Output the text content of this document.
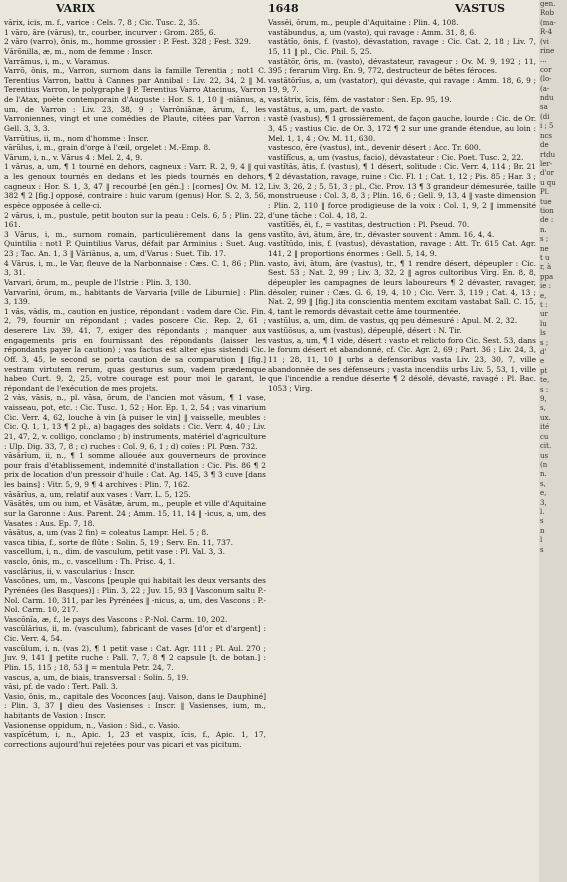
VARIX	1648	VASTUS

vărix, icis, m. f., varice : Cels. 7, 8 ; Cic. Tusc. 2, 35.

1 vāro, āre (vārus), tr., courber, incurver : Grom. 285, 6.

2 vāro (varro), ōnis, m., homme grossier : P. Fest. 328 ; Fest. 329.

Vărōnilla, æ, m., nom de femme : Inscr.

Varrāmus, i, m., v. Varamus.

Varrō, ōnis, m., Varron, surnom dans la famille Terentia ; not1 C. Terentius Varron, battu à Cannes par Annibal : Liv. 22, 34, 2 ‖ M. Terentius Varron, le polygraphe ‖ P. Terentius Varro Atacinus, Varron de l'Atax, poète contemporain d'Auguste : Hor. S. 1, 10 ‖ -niānus, a, um, de Varron : Liv. 23, 38, 9 ; Varrōniānæ, ārum, f., les Varroniennes, vingt et une comédies de Plaute, citées par Varron : Gell. 3, 3, 3.

Varrūtius, ii, m., nom d'homme : Inscr.

vārŭlus, i, m., grain d'orge à l'œil, orgelet : M.-Emp. 8.

Vārum, i, n., v. Vārus 4 : Mel. 2, 4, 9.

1 vārus, a, um, ¶ 1 tourné en dehors, cagneux : Varr. R. 2, 9, 4 ‖ qui a les genoux tournés en dedans et les pieds tournés en dehors, cagneux : Hor. S. 1, 3, 47 ‖ recourbé [en gén.] : [cornes] Ov. M. 12, 382 ¶ 2 [fig.] opposé, contraire : huic varum (genus) Hor. S. 2, 3, 56, espèce opposée à celle-ci.

2 vārus, i, m., pustule, petit bouton sur la peau : Cels. 6, 5 ; Plin. 22, 161.

3 Vārus, i, m., surnom romain, particulièrement dans la gens Quintilia : not1 P. Quintilius Varus, défait par Arminius : Suet. Aug. 23 ; Tac. An. 1, 3 ‖ Vāriānus, a, um, d'Varus : Suet. Tib. 17.

4 Vārus, i, m., le Var, fleuve de la Narbonnaise : Cæs. C. 1, 86 ; Plin. 3, 31.

Varvari, ōrum, m., peuple de l'Istrie : Plin. 3, 130.

Varvarīni, ōrum, m., habitants de Varvaria [ville de Liburnie] : Plin. 3, 139.

1 văs, vădis, m., caution en justice, répondant : vadem dare Cic. Fin. 2, 79, fournir un répondant ; vades poscere Cic. Rep. 2, 61 ; deserere Liv. 39, 41, 7, exiger des répondants ; manquer aux engagements pris en fournissant des répondants (laisser les répondants payer la caution) ; vas factus est alter ejus sistendi Cic. Off. 3, 45, le second se porta caution de sa comparution ‖ [fig.] vestram virtutem rerum, quas gesturus sum, vadem prædemque habeo Curt. 9, 2, 25, votre courage est pour moi le garant, le répondant de l'exécution de mes projets.

2 văs, vāsis, n., pl. vāsa, ōrum, de l'ancien mot vāsum, ¶ 1 vase, vaisseau, pot, etc. : Cic. Tusc. 1, 52 ; Hor. Ep. 1, 2, 54 ; vas vinarium Cic. Verr. 4, 62, louche à vin [à puiser le vin] ‖ vaisselle, meubles : Cic. Q. 1, 1, 13 ¶ 2 pl., a) bagages des soldats : Cic. Verr. 4, 40 ; Liv. 21, 47, 2, v. colligo, conclamo ; b) instruments, matériel d'agriculture : Ulp. Dig. 33, 7, 8 ; c) ruches : Col. 9, 6, 1 ; d) coïes : Pl. Pœn. 732.

vāsārĭum, ii, n., ¶ 1 somme allouée aux gouverneurs de province pour frais d'établissement, indemnité d'installation : Cic. Pis. 86 ¶ 2 prix de location d'un pressoir d'huile : Cat. Ag. 145, 3 ¶ 3 cuve [dans les bains] : Vitr. 5, 9, 9 ¶ 4 archives : Plin. 7, 162.

vāsārĭus, a, um, relatif aux vases : Varr. L. 5, 125.

Vāsātēs, um ou ium, et Vāsātæ, ārum, m., peuple et ville d'Aquitaine sur la Garonne : Aus. Parent. 24 ; Amm. 15, 11, 14 ‖ -icus, a, um, des Vasates : Aus. Ep. 7, 18.

vāsātus, a, um (vas 2 fin) = coleatus Lampr. Hel. 5 ; 8.

vasca tibia, f., sorte de flûte : Solin. 5, 19 ; Serv. En. 11, 737.

vascellum, i, n., dim. de vasculum, petit vase : Pl. Val. 3, 3.

vasclo, ōnis, m., c. vascellum : Th. Prisc. 4, 1.

vasclārius, ii, v. vascularius : Inscr.

Vascōnes, um, m., Vascons [peuple qui habitait les deux versants des Pyrénées (les Basques)] : Plin. 3, 22 ; Juv. 15, 93 ‖ Vasconum saltu P.-Nol. Carm. 10, 311, par les Pyrénées ‖ -nicus, a, um, des Vascons : P.-Nol. Carm. 10, 217.

Vascōnĭa, æ, f., le pays des Vascons : P.-Nol. Carm. 10, 202.

vascŭlārius, ii, m. (vasculum), fabricant de vases [d'or et d'argent] : Cic. Verr. 4, 54.

vascŭlum, i, n. (vas 2), ¶ 1 petit vase : Cat. Agr. 111 ; Pl. Aul. 270 ; Juv. 9, 141 ‖ petite ruche : Pall. 7, 7, 8 ¶ 2 capsule [t. de botan.] : Plin. 15, 115 ; 18, 53 ‖ = mentula Petr. 24, 7.

vascus, a, um, de biais, transversal : Solin. 5, 19.

vāsi, pf. de vado : Tert. Pall. 3.

Vasio, ōnis, m., capitale des Voconces [auj. Vaison, dans le Dauphiné] : Plin. 3, 37 ‖ dieu des Vasienses : Inscr. ‖ Vasienses, ium, m., habitants de Vasion : Inscr.

Vasionense oppidum, n., Vasion : Sid., c. Vasio.

vaspĭcētum, i, n., Apic. 1, 23 et vaspix, ĭcis, f., Apic. 1, 17, corrections aujourd'hui rejetées pour vas picari et vas picitum.

Vassēi, ōrum, m., peuple d'Aquitaine : Plin. 4, 108.

vastābundus, a, um (vasto), qui ravage : Amm. 31, 8, 6.

vastātĭo, ōnis, f. (vasto), dévastation, ravage : Cic. Cat. 2, 18 ; Liv. 7, 15, 11 ‖ pl., Cic. Phil. 5, 25.

vastātŏr, ōris, m. (vasto), dévastateur, ravageur : Ov. M. 9, 192 ; 11, 395 ; ferarum Virg. En. 9, 772, destructeur de bêtes féroces.

vastātōrĭus, a, um (vastator), qui dévaste, qui ravage : Amm. 18, 6, 9 ; 19, 9, 7.

vastātrix, īcis, fém. de vastator : Sen. Ep. 95, 19.

vastātus, a, um, part. de vasto.

vastē (vastus), ¶ 1 grossièrement, de façon gauche, lourde : Cic. de Or. 3, 45 ; vastius Cic. de Or. 3, 172 ¶ 2 sur une grande étendue, au loin : Mel. 1, 1, 4 ; Ov. M. 11, 630.

vastesco, ĕre (vastus), int., devenir désert : Acc. Tr. 600.

vastĭfĭcus, a, um (vastus, facio), dévastateur : Cic. Poet. Tusc. 2, 22.

vastĭtās, ātis, f. (vastus), ¶ 1 désert, solitude : Cic. Verr. 4, 114 ; Br. 21 ¶ 2 dévastation, ravage, ruine : Cic. Fl. 1 ; Cat. 1, 12 ; Pis. 85 ; Har. 3 ; Liv. 3, 26, 2 ; 5, 51, 3 ; pl., Cic. Prov. 13 ¶ 3 grandeur démesurée, taille monstrueuse : Col. 3, 8, 3 ; Plin. 16, 6 ; Gell. 9, 13, 4 ‖ vaste dimension : Plin. 2, 110 ‖ force prodigieuse de la voix : Col. 1, 9, 2 ‖ immensité d'une tâche : Col. 4, 18, 2.

vastĭtĭēs, ēi, f., = vastitas, destruction : Pl. Pseud. 70.

vastĭto, āvi, ātum, āre, tr., dévaster souvent : Amm. 16, 4, 4.

vastĭtūdo, inis, f. (vastus), dévastation, ravage : Att. Tr. 615 Cat. Agr. 141, 2 ‖ proportions énormes : Gell. 5, 14, 9.

vasto, āvi, ātum, āre (vastus), tr., ¶ 1 rendre désert, dépeupler : Cic. Sest. 53 ; Nat. 2, 99 ; Liv. 3, 32, 2 ‖ agros cultoribus Virg. En. 8, 8, dépeupler les campagnes de leurs laboureurs ¶ 2 dévaster, ravager, désoler, ruiner : Cæs. G. 6, 19, 4, 10 ; Cic. Verr. 3, 119 ; Cat. 4, 13 ; Nat. 2, 99 ‖ [fig.] ita conscientia mentem excitam vastabat Sall. C. 15, 4, tant le remords dévastait cette âme tourmentée.

vastŭlus, a, um, dim. de vastus, qq peu démesuré : Apul. M. 2, 32.

vastŭōsus, a, um (vastus), dépeuplé, désert : N. Tir.

vastus, a, um, ¶ 1 vide, désert : vasto et relicto foro Cic. Sest. 53, dans le forum désert et abandonné, cf. Cic. Agr. 2, 69 ; Part. 36 ; Liv. 24, 3, 11 ; 28, 11, 10 ‖ urbs a defensoribus vasta Liv. 23, 30, 7, ville abandonnée de ses défenseurs ; vasta incendiis urbs Liv. 5, 53, 1, ville que l'incendie a rendue déserte ¶ 2 désolé, dévasté, ravagé : Pl. Bac. 1053 ; Virg.

gen.
Rob
(ma-
R-4
(vi
rine
...
cor
(lo-
(a-
ndu
sa
(di
i ; 5
ncs
de
rtdu
ler-
d'or
u qu
Pl.
tue
tion
de :
n.
s ;
ne
t u
r, à
ppa
ie :
e,
t :
ur
lu
ls
s ;
d'
e
pt
te,
s :
9,
s,
ux.
ité
cu
cit.
us
(n
n.
s,
e,
3,
l.
s
n
l
s
